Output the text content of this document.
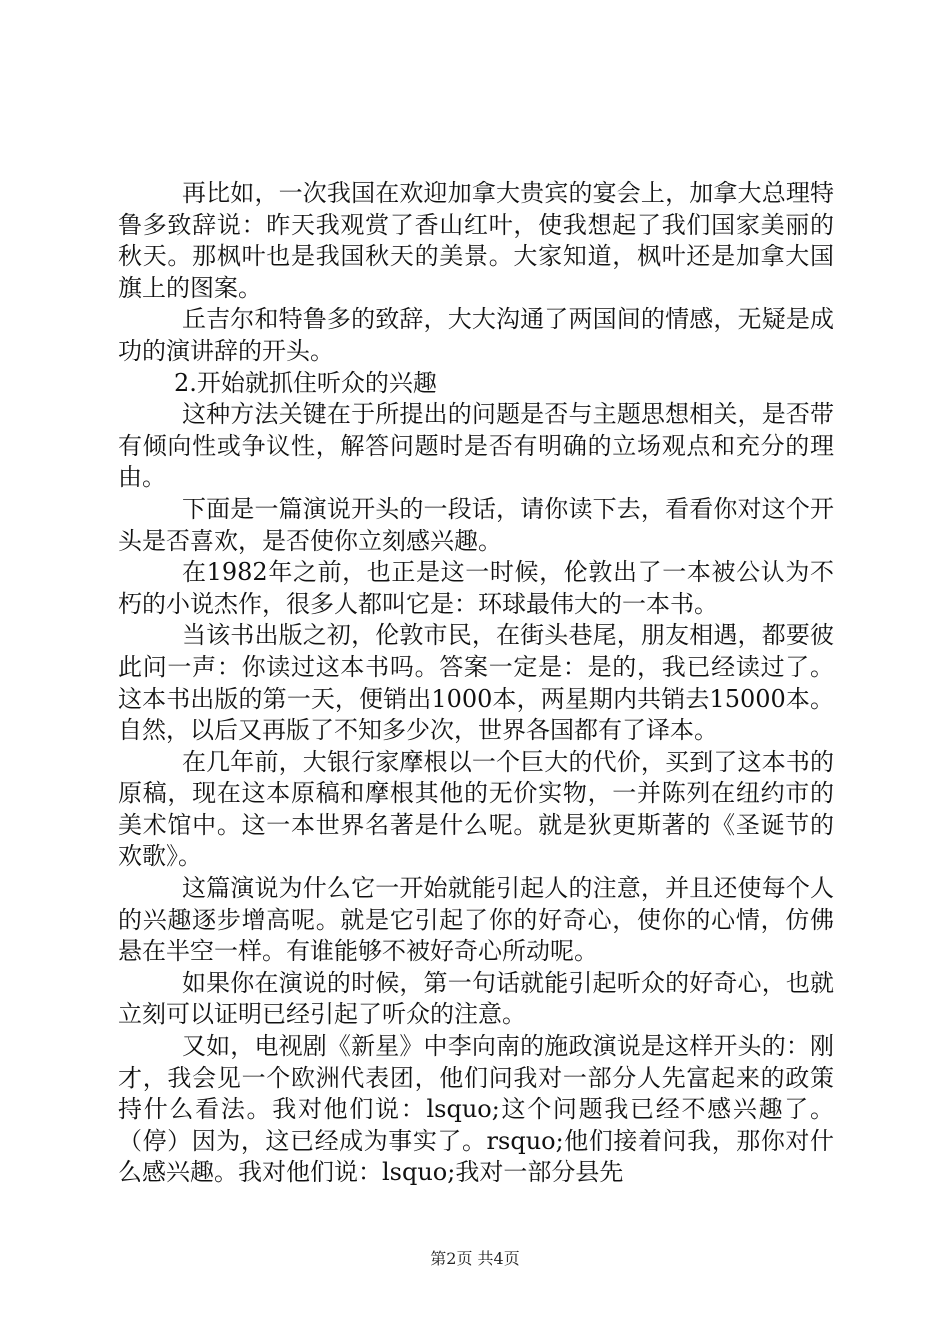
再比如，一次我国在欢迎加拿大贵宾的宴会上，加拿大总理特鲁多致辞说：昨天我观赏了香山红叶，使我想起了我们国家美丽的秋天。那枫叶也是我国秋天的美景。大家知道，枫叶还是加拿大国旗上的图案。

丘吉尔和特鲁多的致辞，大大沟通了两国间的情感，无疑是成功的演讲辞的开头。

2.开始就抓住听众的兴趣

这种方法关键在于所提出的问题是否与主题思想相关，是否带有倾向性或争议性，解答问题时是否有明确的立场观点和充分的理由。

下面是一篇演说开头的一段话，请你读下去，看看你对这个开头是否喜欢，是否使你立刻感兴趣。

在1982年之前，也正是这一时候，伦敦出了一本被公认为不朽的小说杰作，很多人都叫它是：环球最伟大的一本书。

当该书出版之初，伦敦市民，在街头巷尾，朋友相遇，都要彼此问一声：你读过这本书吗。答案一定是：是的，我已经读过了。这本书出版的第一天，便销出1000本，两星期内共销去15000本。自然，以后又再版了不知多少次，世界各国都有了译本。

在几年前，大银行家摩根以一个巨大的代价，买到了这本书的原稿，现在这本原稿和摩根其他的无价实物，一并陈列在纽约市的美术馆中。这一本世界名著是什么呢。就是狄更斯著的《圣诞节的欢歌》。

这篇演说为什么它一开始就能引起人的注意，并且还使每个人的兴趣逐步增高呢。就是它引起了你的好奇心，使你的心情，仿佛悬在半空一样。有谁能够不被好奇心所动呢。

如果你在演说的时候，第一句话就能引起听众的好奇心，也就立刻可以证明已经引起了听众的注意。

又如，电视剧《新星》中李向南的施政演说是这样开头的：刚才，我会见一个欧洲代表团，他们问我对一部分人先富起来的政策持什么看法。我对他们说：lsquo;这个问题我已经不感兴趣了。（停）因为，这已经成为事实了。rsquo;他们接着问我，那你对什么感兴趣。我对他们说：lsquo;我对一部分县先

第2页 共4页
